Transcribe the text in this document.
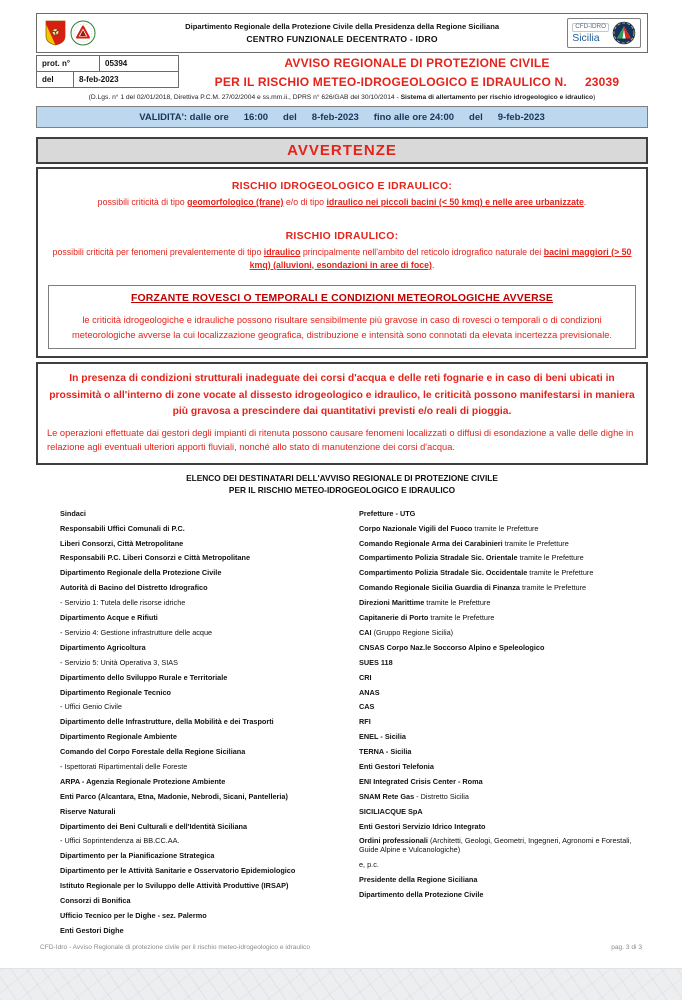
Dipartimento Regionale della Protezione Civile della Presidenza della Regione Siciliana
CENTRO FUNZIONALE DECENTRATO - IDRO
CFD-IDRO
Sicilia
prot. n°	05394
del	8-feb-2023
AVVISO REGIONALE DI PROTEZIONE CIVILE
PER IL RISCHIO METEO-IDROGEOLOGICO E IDRAULICO N. 23039
(D.Lgs. n° 1 del 02/01/2018, Direttiva P.C.M. 27/02/2004 e ss.mm.ii., DPRS n° 626/GAB del 30/10/2014 - Sistema di allertamento per rischio idrogeologico e idraulico)
VALIDITA': dalle ore 16:00 del 8-feb-2023 fino alle ore 24:00 del 9-feb-2023
AVVERTENZE
RISCHIO IDROGEOLOGICO E IDRAULICO:
possibili criticità di tipo geomorfologico (frane) e/o di tipo idraulico nei piccoli bacini (< 50 kmq) e nelle aree urbanizzate.
RISCHIO IDRAULICO:
possibili criticità per fenomeni prevalentemente di tipo idraulico principalmente nell'ambito del reticolo idrografico naturale dei bacini maggiori (> 50 kmq) (alluvioni, esondazioni in aree di foce).
FORZANTE ROVESCI O TEMPORALI E CONDIZIONI METEOROLOGICHE AVVERSE
le criticità idrogeologiche e idrauliche possono risultare sensibilmente più gravose in caso di rovesci o temporali o di condizioni meteorologiche avverse la cui localizzazione geografica, distribuzione e intensità sono connotati da elevata incertezza previsionale.
In presenza di condizioni strutturali inadeguate dei corsi d'acqua e delle reti fognarie e in caso di beni ubicati in prossimità o all'interno di zone vocate al dissesto idrogeologico e idraulico, le criticità possono manifestarsi in maniera più gravosa a prescindere dai quantitativi previsti e/o reali di pioggia.
Le operazioni effettuate dai gestori degli impianti di ritenuta possono causare fenomeni localizzati o diffusi di esondazione a valle delle dighe in relazione agli eventuali ulteriori apporti fluviali, nonché allo stato di manutenzione dei corsi d'acqua.
ELENCO DEI DESTINATARI DELL'AVVISO REGIONALE DI PROTEZIONE CIVILE
PER IL RISCHIO METEO-IDROGEOLOGICO E IDRAULICO
Sindaci
Responsabili Uffici Comunali di P.C.
Liberi Consorzi, Città Metropolitane
Responsabili P.C. Liberi Consorzi e Città Metropolitane
Dipartimento Regionale della Protezione Civile
Autorità di Bacino del Distretto Idrografico
- Servizio 1: Tutela delle risorse idriche
Dipartimento Acque e Rifiuti
- Servizio 4: Gestione infrastrutture delle acque
Dipartimento Agricoltura
- Servizio 5: Unità Operativa 3, SIAS
Dipartimento dello Sviluppo Rurale e Territoriale
Dipartimento Regionale Tecnico
- Uffici Genio Civile
Dipartimento delle Infrastrutture, della Mobilità e dei Trasporti
Dipartimento Regionale Ambiente
Comando del Corpo Forestale della Regione Siciliana
- Ispettorati Ripartimentali delle Foreste
ARPA - Agenzia Regionale Protezione Ambiente
Enti Parco (Alcantara, Etna, Madonie, Nebrodi, Sicani, Pantelleria)
Riserve Naturali
Dipartimento dei Beni Culturali e dell'Identità Siciliana
- Uffici Soprintendenza ai BB.CC.AA.
Dipartimento per la Pianificazione Strategica
Dipartimento per le Attività Sanitarie e Osservatorio Epidemiologico
Istituto Regionale per lo Sviluppo delle Attività Produttive (IRSAP)
Consorzi di Bonifica
Ufficio Tecnico per le Dighe - sez. Palermo
Enti Gestori Dighe
Prefetture - UTG
Corpo Nazionale Vigili del Fuoco tramite le Prefetture
Comando Regionale Arma dei Carabinieri tramite le Prefetture
Compartimento Polizia Stradale Sic. Orientale tramite le Prefetture
Compartimento Polizia Stradale Sic. Occidentale tramite le Prefetture
Comando Regionale Sicilia Guardia di Finanza tramite le Prefetture
Direzioni Marittime tramite le Prefetture
Capitanerie di Porto tramite le Prefetture
CAI (Gruppo Regione Sicilia)
CNSAS Corpo Naz.le Soccorso Alpino e Speleologico
SUES 118
CRI
ANAS
CAS
RFI
ENEL - Sicilia
TERNA - Sicilia
Enti Gestori Telefonia
ENI Integrated Crisis Center - Roma
SNAM Rete Gas - Distretto Sicilia
SICILIACQUE SpA
Enti Gestori Servizio Idrico Integrato
Ordini professionali (Architetti, Geologi, Geometri, Ingegneri, Agronomi e Forestali, Guide Alpine e Vulcanologiche)
e, p.c.
Presidente della Regione Siciliana
Dipartimento della Protezione Civile
CFD-Idro - Avviso Regionale di protezione civile per il rischio meteo-idrogeologico e idraulico	pag. 3 di 3
